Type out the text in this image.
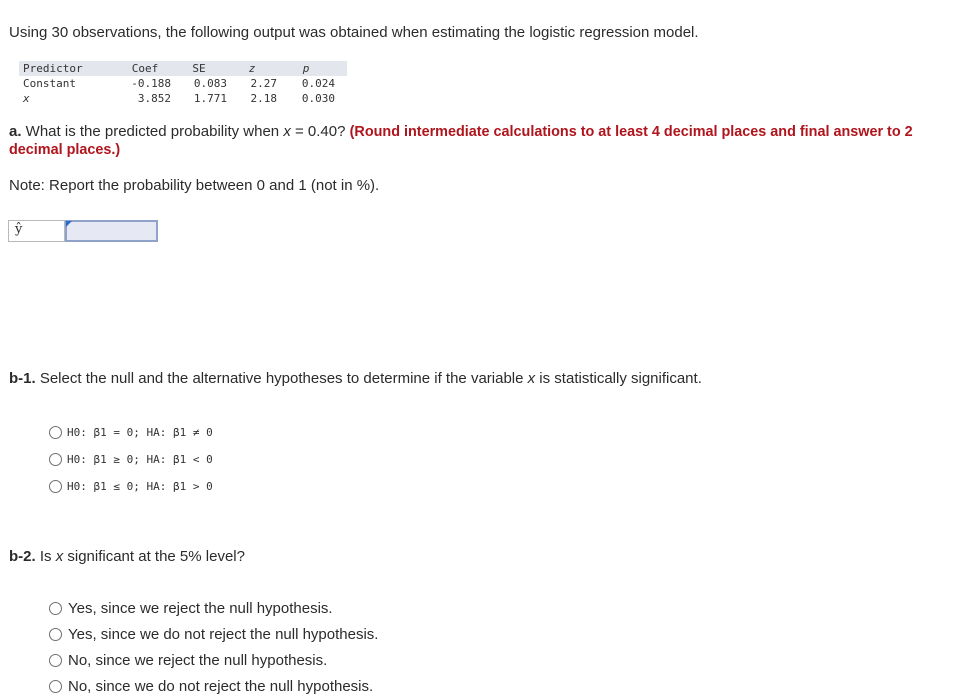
Using 30 observations, the following output was obtained when estimating the logistic regression model.
Predictor	Coef	SE	z	p
Constant	-0.188	0.083	2.27	0.024
x	3.852	1.771	2.18	0.030
a. What is the predicted probability when x = 0.40? (Round intermediate calculations to at least 4 decimal places and final answer to 2 decimal places.)
Note: Report the probability between 0 and 1 (not in %).
ŷ
b-1. Select the null and the alternative hypotheses to determine if the variable x is statistically significant.
H0: β1 = 0; HA: β1 ≠ 0
H0: β1 ≥ 0; HA: β1 < 0
H0: β1 ≤ 0; HA: β1 > 0
b-2. Is x significant at the 5% level?
Yes, since we reject the null hypothesis.
Yes, since we do not reject the null hypothesis.
No, since we reject the null hypothesis.
No, since we do not reject the null hypothesis.
